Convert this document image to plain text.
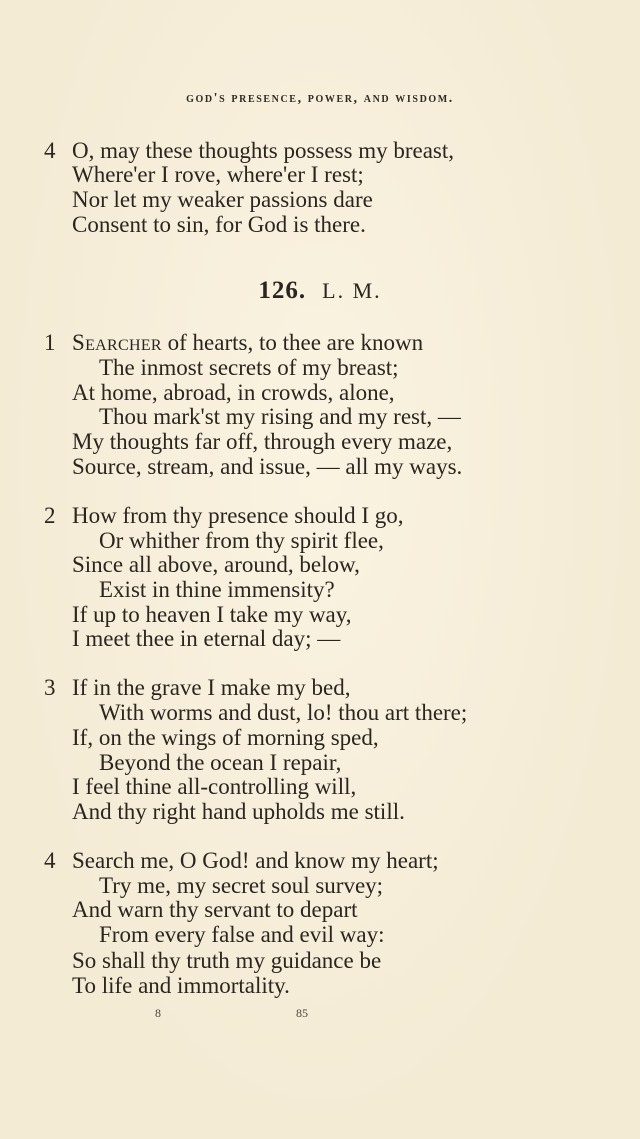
god's presence, power, and wisdom.
4 O, may these thoughts possess my breast,
Where'er I rove, where'er I rest;
Nor let my weaker passions dare
Consent to sin, for God is there.
126. L. M.
1 Searcher of hearts, to thee are known
The inmost secrets of my breast;
At home, abroad, in crowds, alone,
Thou mark'st my rising and my rest, —
My thoughts far off, through every maze,
Source, stream, and issue, — all my ways.
2 How from thy presence should I go,
Or whither from thy spirit flee,
Since all above, around, below,
Exist in thine immensity?
If up to heaven I take my way,
I meet thee in eternal day; —
3 If in the grave I make my bed,
With worms and dust, lo! thou art there;
If, on the wings of morning sped,
Beyond the ocean I repair,
I feel thine all-controlling will,
And thy right hand upholds me still.
4 Search me, O God! and know my heart;
Try me, my secret soul survey;
And warn thy servant to depart
From every false and evil way:
So shall thy truth my guidance be
To life and immortality.
8	85
